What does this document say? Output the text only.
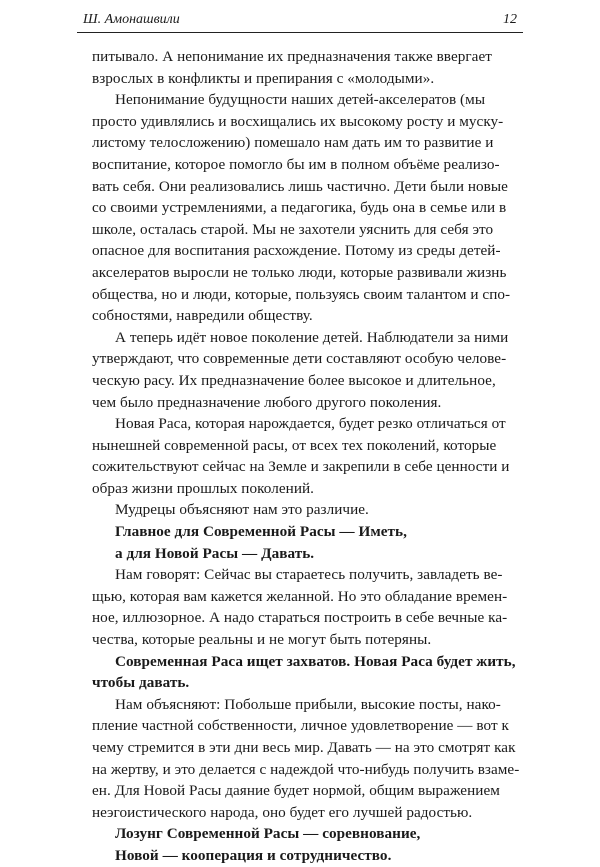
Ш. Амонашвили	12
питывало. А непонимание их предназначения также ввергает
взрослых в конфликты и препирания с «молодыми».
Непонимание будущности наших детей-акселератов (мы
просто удивлялись и восхищались их высокому росту и муску-
листому телосложению) помешало нам дать им то развитие и
воспитание, которое помогло бы им в полном объёме реализо-
вать себя. Они реализовались лишь частично. Дети были новые
со своими устремлениями, а педагогика, будь она в семье или в
школе, осталась старой. Мы не захотели уяснить для себя это
опасное для воспитания расхождение. Потому из среды детей-
акселератов выросли не только люди, которые развивали жизнь
общества, но и люди, которые, пользуясь своим талантом и спо-
собностями, навредили обществу.
А теперь идёт новое поколение детей. Наблюдатели за ними
утверждают, что современные дети составляют особую челове-
ческую расу. Их предназначение более высокое и длительное,
чем было предназначение любого другого поколения.
Новая Раса, которая нарождается, будет резко отличаться от
нынешней современной расы, от всех тех поколений, которые
сожительствуют сейчас на Земле и закрепили в себе ценности и
образ жизни прошлых поколений.
Мудрецы объясняют нам это различие.
Главное для Современной Расы — Иметь,
а для Новой Расы — Давать.
Нам говорят: Сейчас вы стараетесь получить, завладеть ве-
щью, которая вам кажется желанной. Но это обладание времен-
ное, иллюзорное. А надо стараться построить в себе вечные ка-
чества, которые реальны и не могут быть потеряны.
Современная Раса ищет захватов. Новая Раса будет жить,
чтобы давать.
Нам объясняют: Побольше прибыли, высокие посты, нако-
пление частной собственности, личное удовлетворение — вот к
чему стремится в эти дни весь мир. Давать — на это смотрят как
на жертву, и это делается с надеждой что-нибудь получить взаме-
ен. Для Новой Расы даяние будет нормой, общим выражением
неэгоистического народа, оно будет его лучшей радостью.
Лозунг Современной Расы — соревнование,
Новой — кооперация и сотрудничество.
